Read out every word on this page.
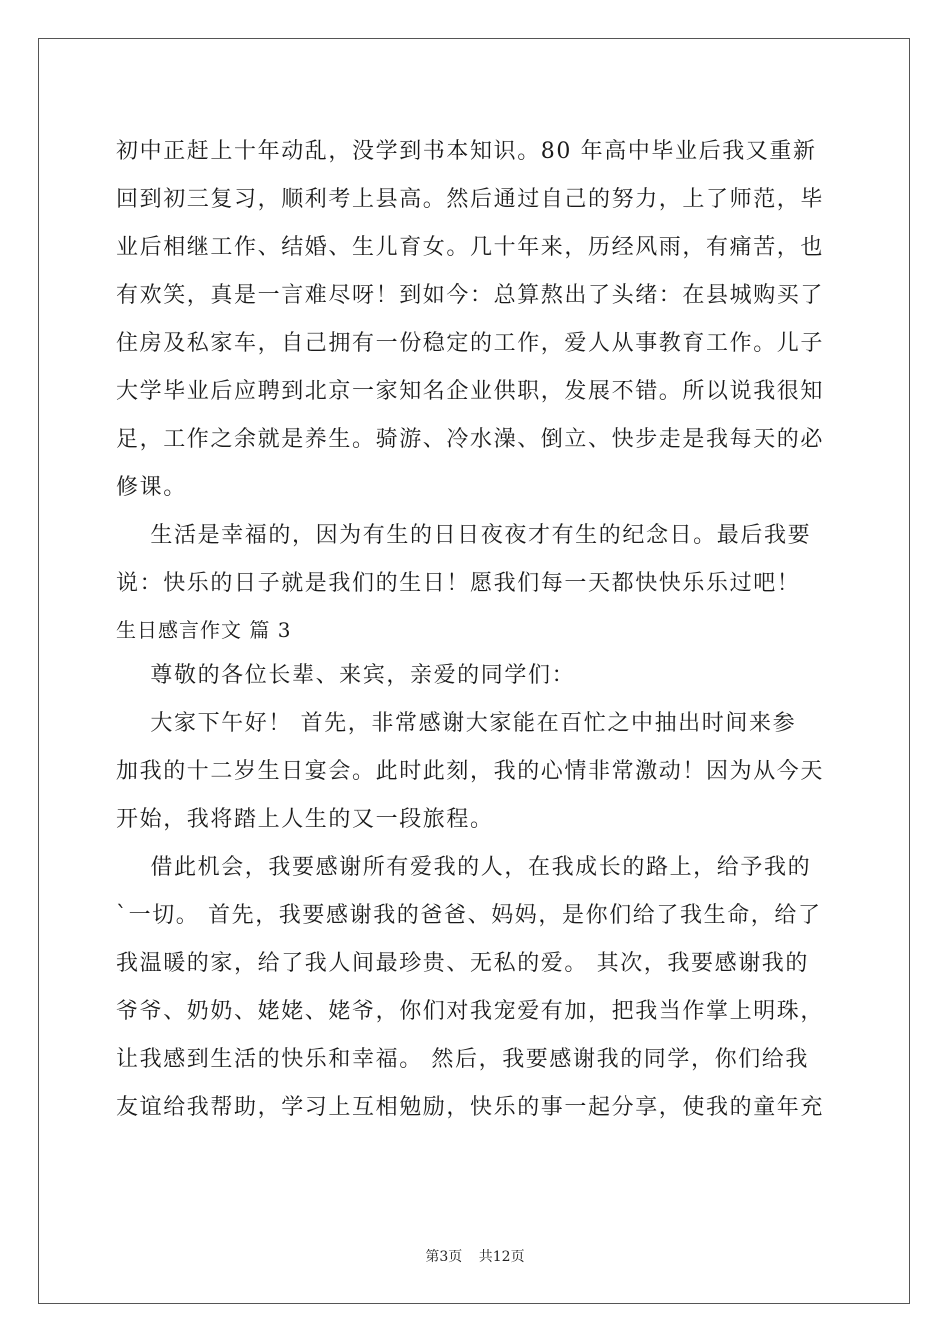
初中正赶上十年动乱，没学到书本知识。80 年高中毕业后我又重新
回到初三复习，顺利考上县高。然后通过自己的努力，上了师范，毕
业后相继工作、结婚、生儿育女。几十年来，历经风雨，有痛苦，也
有欢笑，真是一言难尽呀！到如今：总算熬出了头绪：在县城购买了
住房及私家车，自己拥有一份稳定的工作，爱人从事教育工作。儿子
大学毕业后应聘到北京一家知名企业供职，发展不错。所以说我很知
足，工作之余就是养生。骑游、冷水澡、倒立、快步走是我每天的必
修课。
生活是幸福的，因为有生的日日夜夜才有生的纪念日。最后我要
说：快乐的日子就是我们的生日！愿我们每一天都快快乐乐过吧！
生日感言作文 篇 3
尊敬的各位长辈、来宾，亲爱的同学们：
大家下午好！ 首先，非常感谢大家能在百忙之中抽出时间来参
加我的十二岁生日宴会。此时此刻，我的心情非常激动！因为从今天
开始，我将踏上人生的又一段旅程。
借此机会，我要感谢所有爱我的人，在我成长的路上，给予我的
`一切。 首先，我要感谢我的爸爸、妈妈，是你们给了我生命，给了
我温暖的家，给了我人间最珍贵、无私的爱。 其次，我要感谢我的
爷爷、奶奶、姥姥、姥爷，你们对我宠爱有加，把我当作掌上明珠，
让我感到生活的快乐和幸福。 然后，我要感谢我的同学，你们给我
友谊给我帮助，学习上互相勉励，快乐的事一起分享，使我的童年充
第3页 共12页
